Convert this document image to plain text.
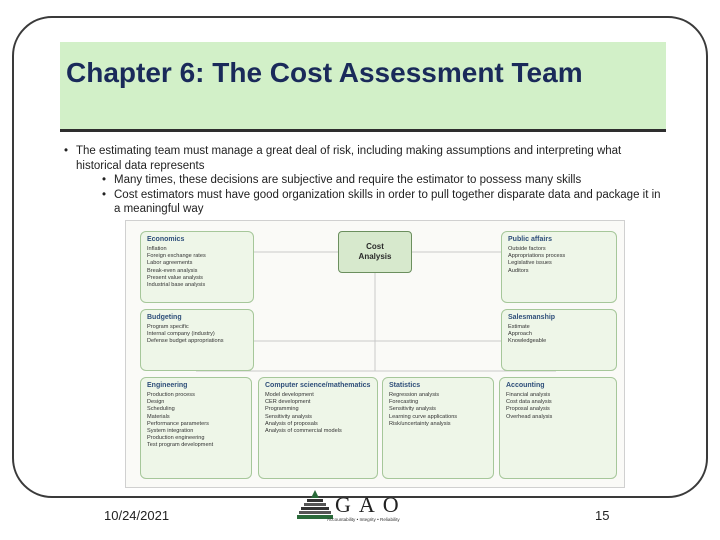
Chapter 6: The Cost Assessment Team
• The estimating team must manage a great deal of risk, including making assumptions and interpreting what historical data represents
• Many times, these decisions are subjective and require the estimator to possess many skills
• Cost estimators must have good organization skills in order to pull together disparate data and package it in a meaningful way
Cost Analysis
Economics
Inflation
Foreign exchange rates
Labor agreements
Break-even analysis
Present value analysis
Industrial base analysis
Public affairs
Outside factors
Appropriations process
Legislative issues
Auditors
Budgeting
Program specific
Internal company (industry)
Defense budget appropriations
Salesmanship
Estimate
Approach
Knowledgeable
Engineering
Production process
Design
Scheduling
Materials
Performance parameters
System integration
Production engineering
Test program development
Computer science/mathematics
Model development
CER development
Programming
Sensitivity analysis
Analysis of proposals
Analysis of commercial models
Statistics
Regression analysis
Forecasting
Sensitivity analysis
Learning curve applications
Risk/uncertainty analysis
Accounting
Financial analysis
Cost data analysis
Proposal analysis
Overhead analysis
10/24/2021	GAO
Accountability • Integrity • Reliability	15
